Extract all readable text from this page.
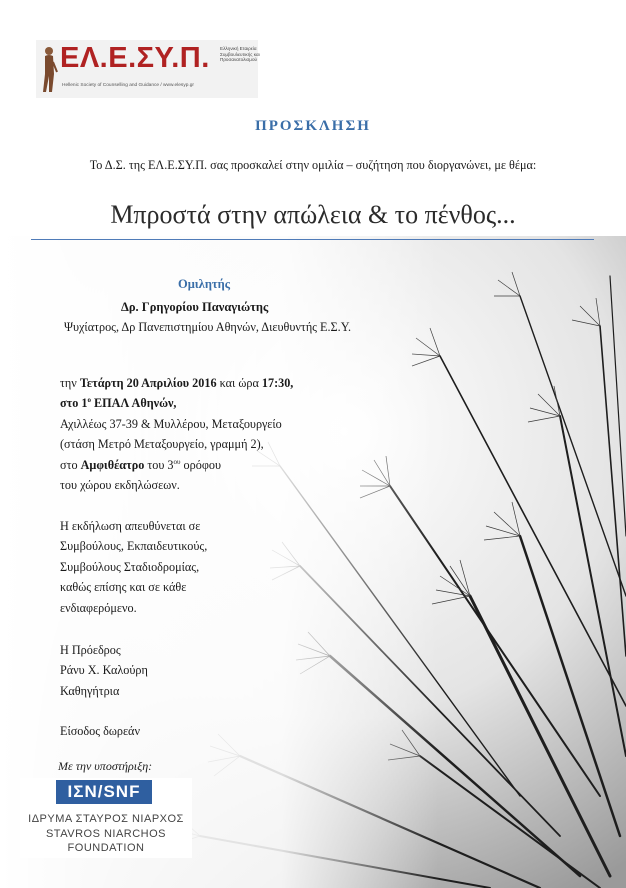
ΕΛ.Ε.ΣΥ.Π. Ελληνική Εταιρεία Συμβουλευτικής και Προσανατολισμού
Hellenic Society of Counselling and Guidance / www.elesyp.gr
ΠΡΟΣΚΛΗΣΗ
Το Δ.Σ. της ΕΛ.Ε.ΣΥ.Π. σας προσκαλεί στην ομιλία – συζήτηση που διοργανώνει, με θέμα:
Μπροστά στην απώλεια & το πένθος...
Ομιλητής
Δρ. Γρηγορίου Παναγιώτης
Ψυχίατρος, Δρ Πανεπιστημίου Αθηνών, Διευθυντής Ε.Σ.Υ.

την Τετάρτη 20 Απριλίου 2016 και ώρα 17:30,

στο $1^o$ ΕΠΑΛ Αθηνών,

Αχιλλέως 37-39 & Μυλλέρου, Μεταξουργείο

(στάση Μετρό Μεταξουργείο, γραμμή 2),

στο Αμφιθέατρο του $3^{o\upsilon}$ ορόφου

του χώρου εκδηλώσεων.

Η εκδήλωση απευθύνεται σε

Συμβούλους, Εκπαιδευτικούς,

Συμβούλους Σταδιοδρομίας,

καθώς επίσης και σε κάθε

ενδιαφερόμενο.

Η Πρόεδρος

Ράνυ Χ. Καλούρη

Καθηγήτρια

Είσοδος δωρεάν
Με την υποστήριξη:
ΙΣΝ/SNF
ΙΔΡΥΜΑ ΣΤΑΥΡΟΣ ΝΙΑΡΧΟΣ
STAVROS NIARCHOS
FOUNDATION
